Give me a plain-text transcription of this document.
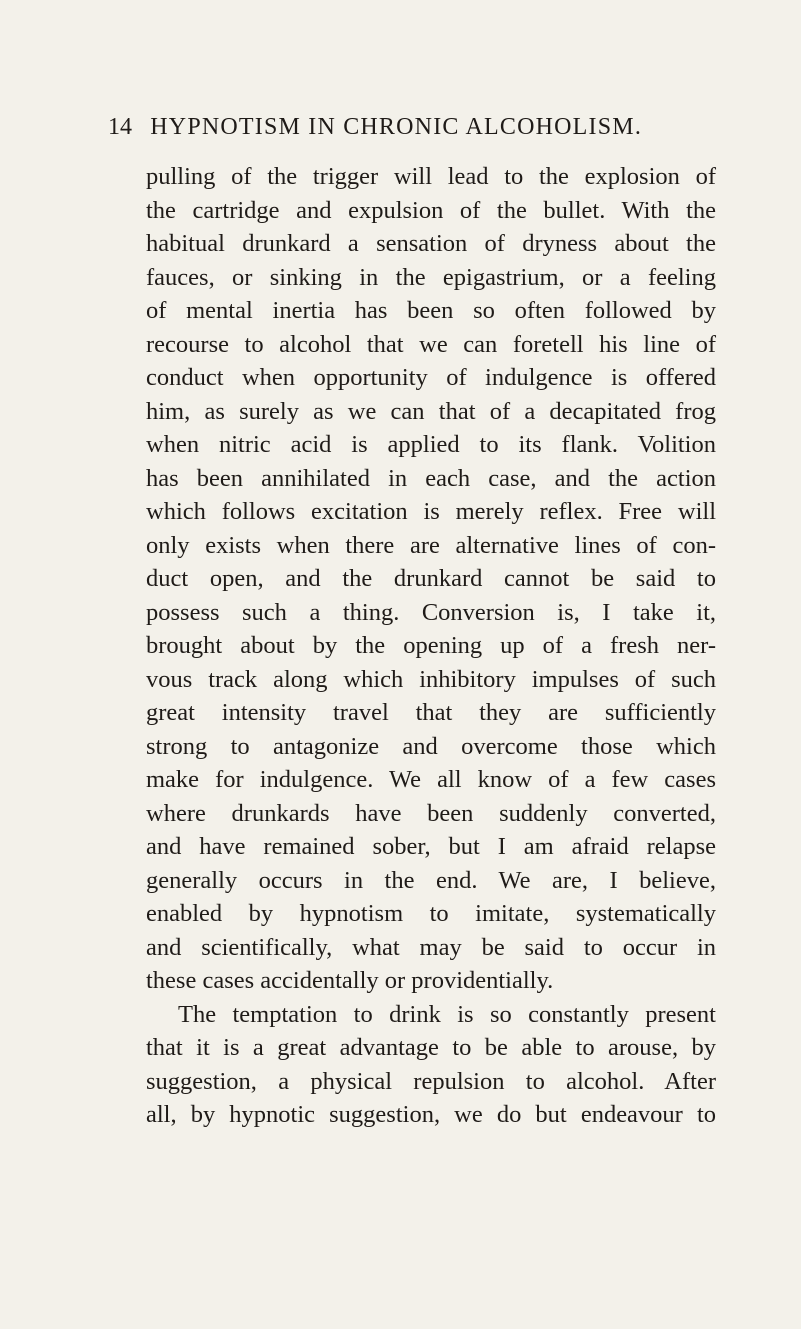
14 HYPNOTISM IN CHRONIC ALCOHOLISM.
pulling of the trigger will lead to the explosion of
the cartridge and expulsion of the bullet. With the
habitual drunkard a sensation of dryness about the
fauces, or sinking in the epigastrium, or a feeling
of mental inertia has been so often followed by
recourse to alcohol that we can foretell his line of
conduct when opportunity of indulgence is offered
him, as surely as we can that of a decapitated frog
when nitric acid is applied to its flank. Volition
has been annihilated in each case, and the action
which follows excitation is merely reflex. Free will
only exists when there are alternative lines of con-
duct open, and the drunkard cannot be said to
possess such a thing. Conversion is, I take it,
brought about by the opening up of a fresh ner-
vous track along which inhibitory impulses of such
great intensity travel that they are sufficiently
strong to antagonize and overcome those which
make for indulgence. We all know of a few cases
where drunkards have been suddenly converted,
and have remained sober, but I am afraid relapse
generally occurs in the end. We are, I believe,
enabled by hypnotism to imitate, systematically
and scientifically, what may be said to occur in
these cases accidentally or providentially.
The temptation to drink is so constantly present
that it is a great advantage to be able to arouse, by
suggestion, a physical repulsion to alcohol. After
all, by hypnotic suggestion, we do but endeavour to
